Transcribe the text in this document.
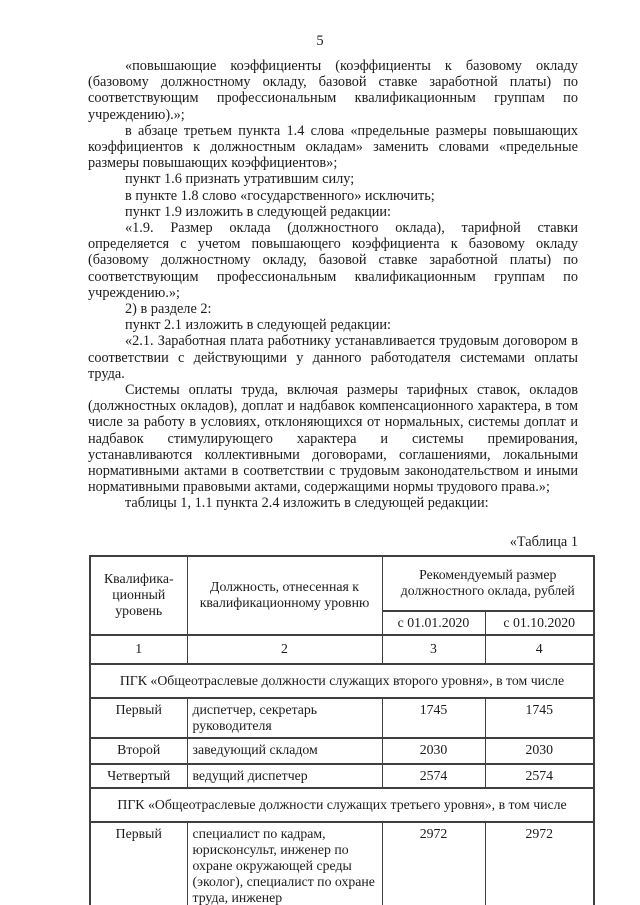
5

«повышающие коэффициенты (коэффициенты к базовому окладу (базовому должностному окладу, базовой ставке заработной платы) по соответствующим профессиональным квалификационным группам по учреждению).»;

в абзаце третьем пункта 1.4 слова «предельные размеры повышающих коэффициентов к должностным окладам» заменить словами «предельные размеры повышающих коэффициентов»;

пункт 1.6 признать утратившим силу;

в пункте 1.8 слово «государственного» исключить;

пункт 1.9 изложить в следующей редакции:

«1.9. Размер оклада (должностного оклада), тарифной ставки определяется с учетом повышающего коэффициента к базовому окладу (базовому должностному окладу, базовой ставке заработной платы) по соответствующим профессиональным квалификационным группам по учреждению.»;

2) в разделе 2:

пункт 2.1 изложить в следующей редакции:

«2.1. Заработная плата работнику устанавливается трудовым договором в соответствии с действующими у данного работодателя системами оплаты труда.

Системы оплаты труда, включая размеры тарифных ставок, окладов (должностных окладов), доплат и надбавок компенсационного характера, в том числе за работу в условиях, отклоняющихся от нормальных, системы доплат и надбавок стимулирующего характера и системы премирования, устанавливаются коллективными договорами, соглашениями, локальными нормативными актами в соответствии с трудовым законодательством и иными нормативными правовыми актами, содержащими нормы трудового права.»;

таблицы 1, 1.1 пункта 2.4 изложить в следующей редакции:

«Таблица 1

Квалифика-ционный уровень	Должность, отнесенная к квалификационному уровню	Рекомендуемый размер должностного оклада, рублей	
		с 01.01.2020	с 01.10.2020
1	2	3	4
ПГК «Общеотраслевые должности служащих второго уровня», в том числе			
Первый	диспетчер, секретарь руководителя	1745	1745
Второй	заведующий складом	2030	2030
Четвертый	ведущий диспетчер	2574	2574
ПГК «Общеотраслевые должности служащих третьего уровня», в том числе			
Первый	специалист по кадрам, юрисконсульт, инженер по охране окружающей среды (эколог), специалист по охране труда, инженер	2972	2972
